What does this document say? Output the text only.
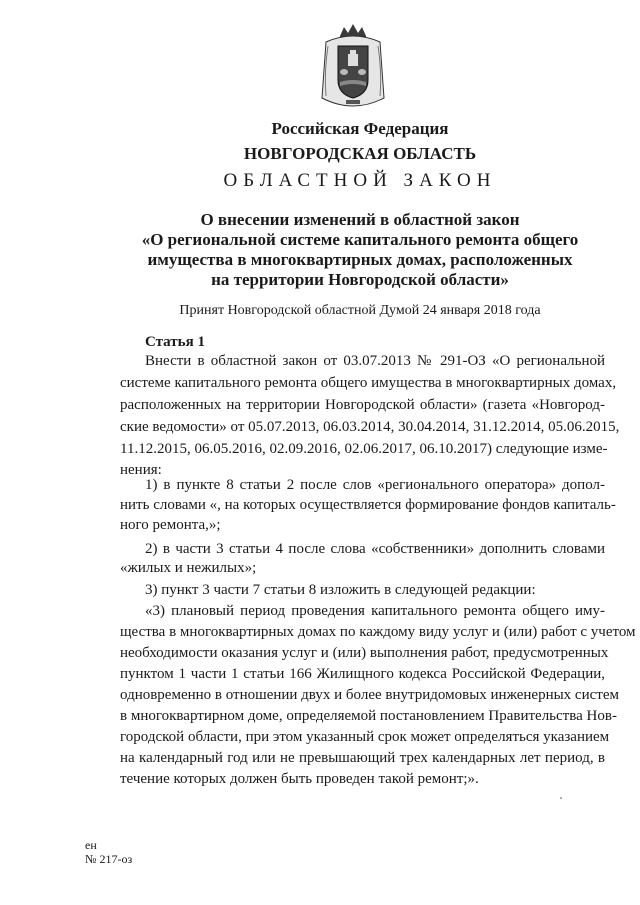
Российская Федерация
НОВГОРОДСКАЯ ОБЛАСТЬ
ОБЛАСТНОЙ ЗАКОН
О внесении изменений в областной закон
«О региональной системе капитального ремонта общего
имущества в многоквартирных домах, расположенных
на территории Новгородской области»
Принят Новгородской областной Думой 24 января 2018 года
Статья 1
Внести в областной закон от 03.07.2013 № 291-ОЗ «О региональной
системе капитального ремонта общего имущества в многоквартирных домах,
расположенных на территории Новгородской области» (газета «Новгород-
ские ведомости» от 05.07.2013, 06.03.2014, 30.04.2014, 31.12.2014, 05.06.2015,
11.12.2015, 06.05.2016, 02.09.2016, 02.06.2017, 06.10.2017) следующие изме-
нения:
1) в пункте 8 статьи 2 после слов «регионального оператора» допол-
нить словами «, на которых осуществляется формирование фондов капиталь-
ного ремонта,»;
2) в части 3 статьи 4 после слова «собственники» дополнить словами
«жилых и нежилых»;
3) пункт 3 части 7 статьи 8 изложить в следующей редакции:
«3) плановый период проведения капитального ремонта общего иму-
щества в многоквартирных домах по каждому виду услуг и (или) работ с учетом
необходимости оказания услуг и (или) выполнения работ, предусмотренных
пунктом 1 части 1 статьи 166 Жилищного кодекса Российской Федерации,
одновременно в отношении двух и более внутридомовых инженерных систем
в многоквартирном доме, определяемой постановлением Правительства Нов-
городской области, при этом указанный срок может определяться указанием
на календарный год или не превышающий трех календарных лет период, в
течение которых должен быть проведен такой ремонт;».
ен
№ 217-оз
